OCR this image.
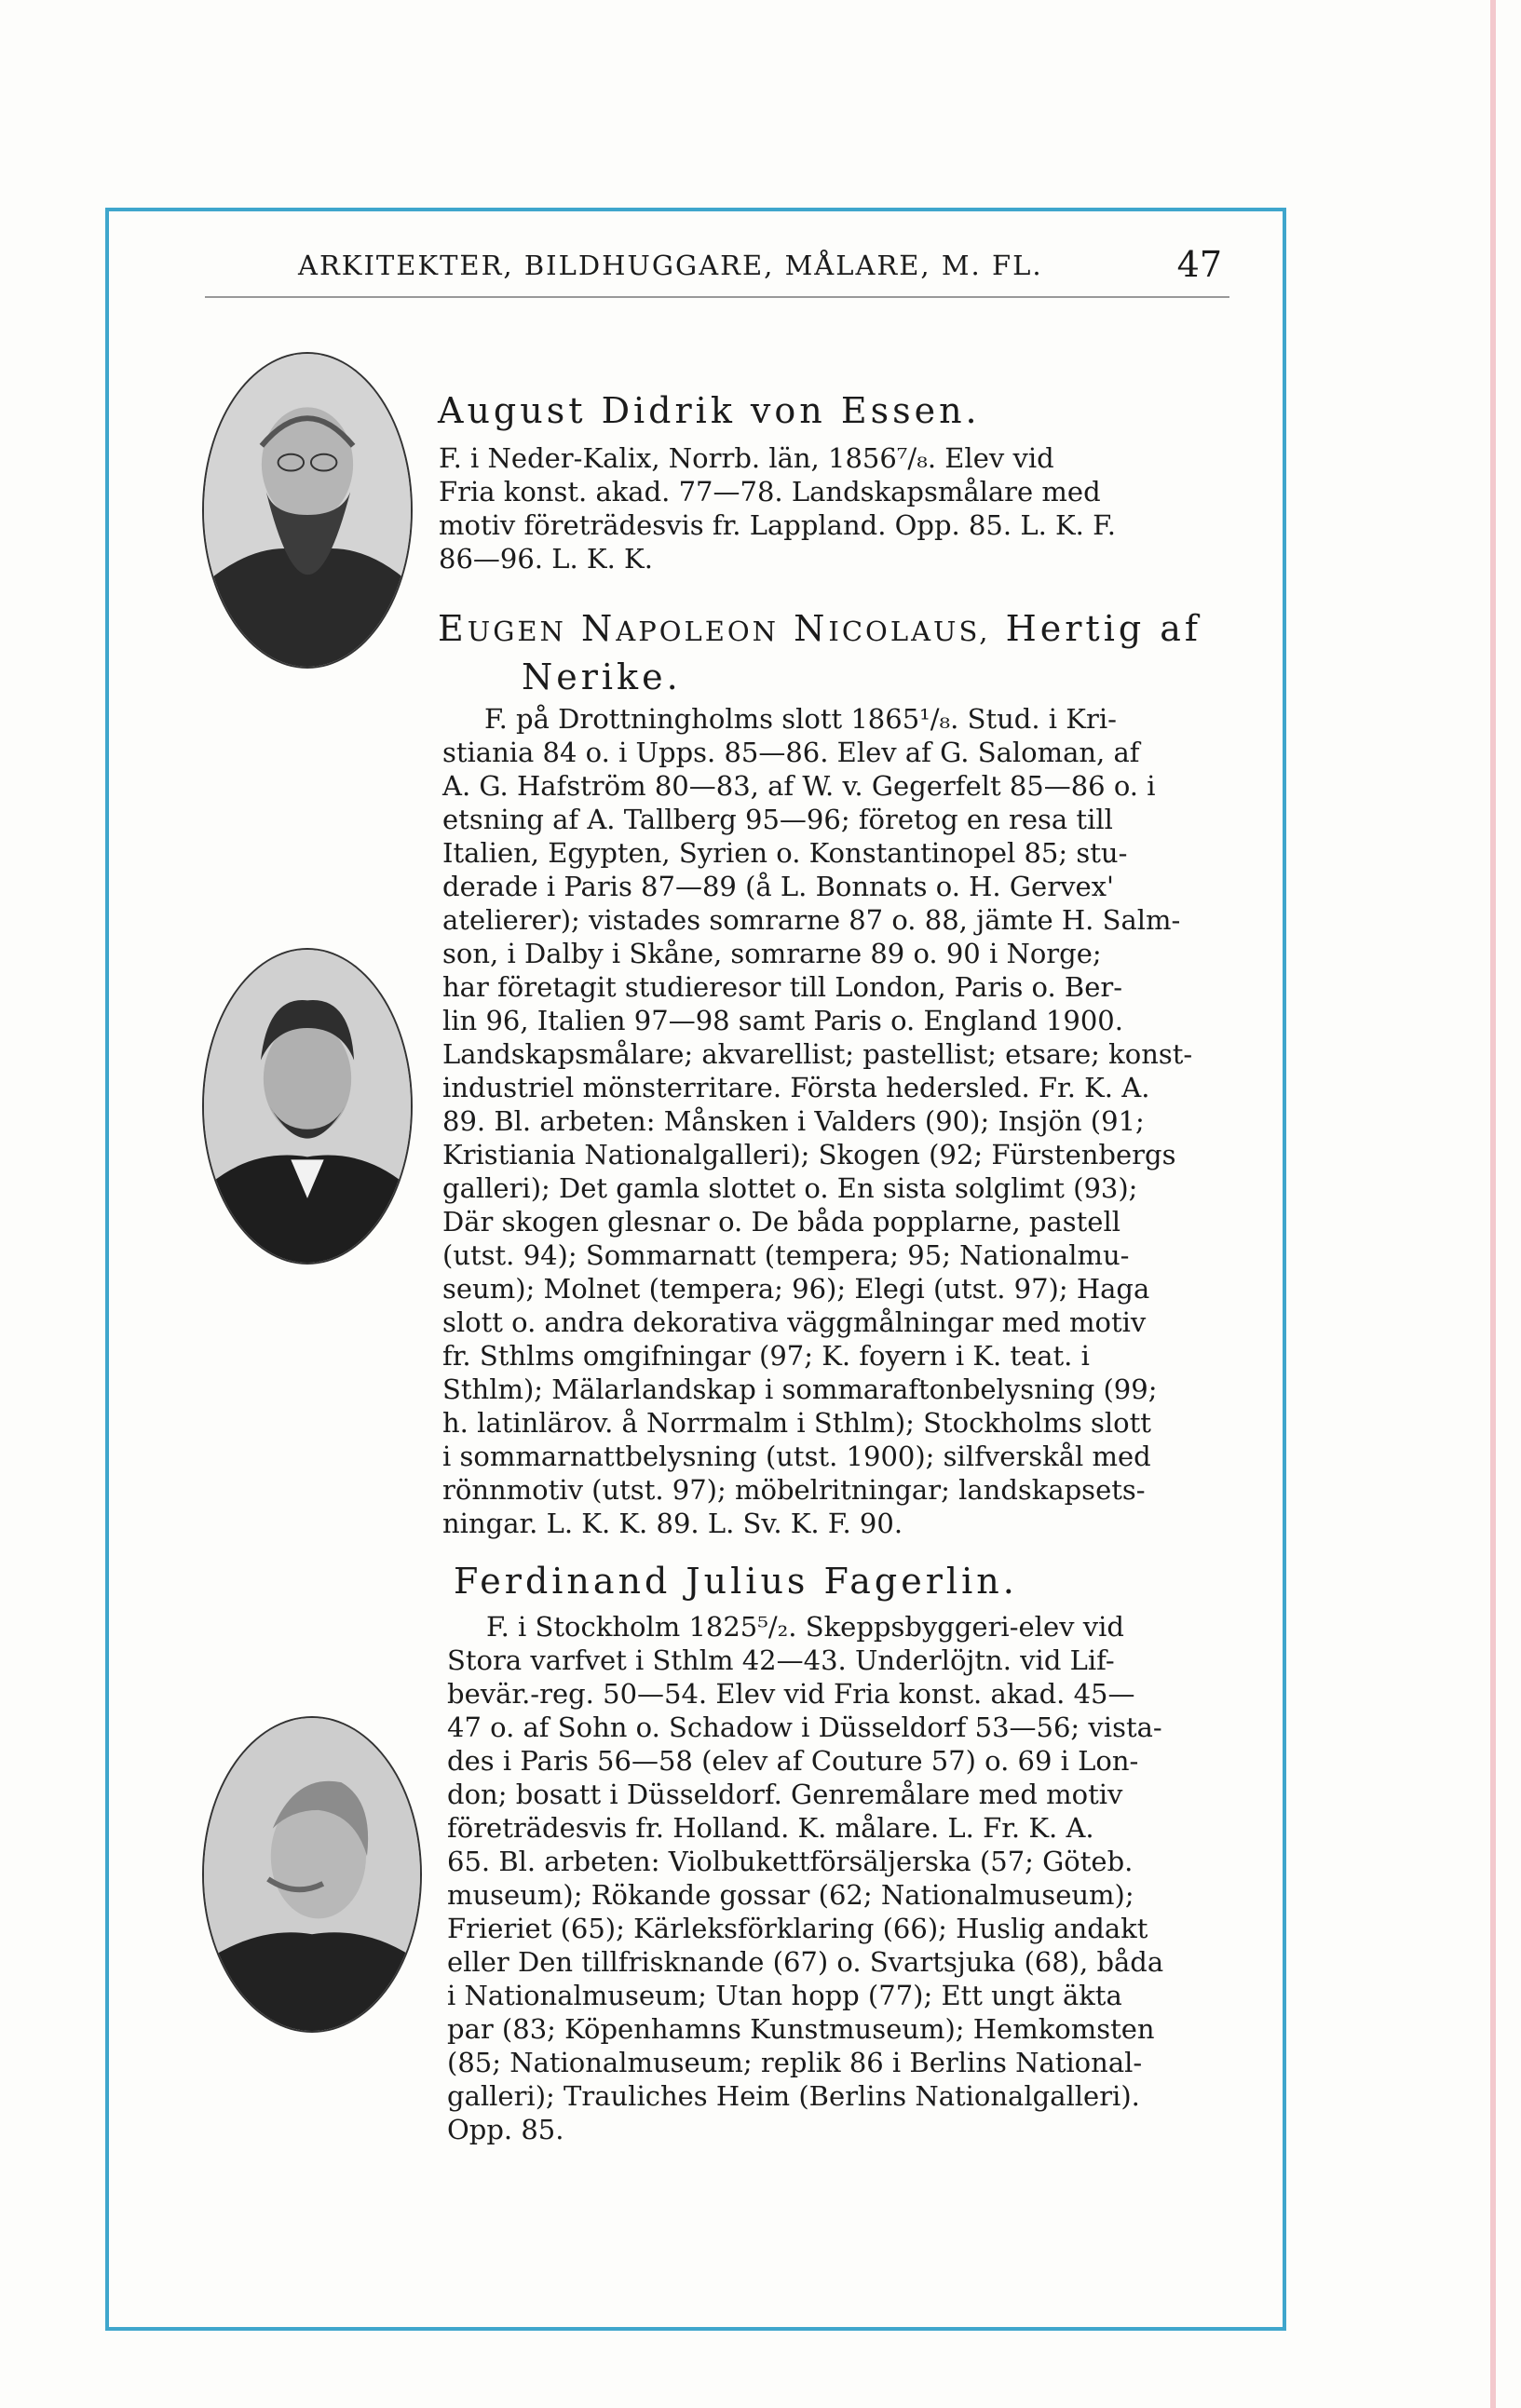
ARKITEKTER, BILDHUGGARE, MÅLARE, M. FL.	47
August Didrik von Essen.
F. i Neder-Kalix, Norrb. län, 1856⁷/₈. Elev vid
Fria konst. akad. 77—78. Landskapsmålare med
motiv företrädesvis fr. Lappland. Opp. 85. L. K. F.
86—96. L. K. K.
EUGEN NAPOLEON NICOLAUS, Hertig af
Nerike.
F. på Drottningholms slott 1865¹/₈. Stud. i Kri-
stiania 84 o. i Upps. 85—86. Elev af G. Saloman, af
A. G. Hafström 80—83, af W. v. Gegerfelt 85—86 o. i
etsning af A. Tallberg 95—96; företog en resa till
Italien, Egypten, Syrien o. Konstantinopel 85; stu-
derade i Paris 87—89 (å L. Bonnats o. H. Gervex'
atelierer); vistades somrarne 87 o. 88, jämte H. Salm-
son, i Dalby i Skåne, somrarne 89 o. 90 i Norge;
har företagit studieresor till London, Paris o. Ber-
lin 96, Italien 97—98 samt Paris o. England 1900.
Landskapsmålare; akvarellist; pastellist; etsare; konst-
industriel mönsterritare. Första hedersled. Fr. K. A.
89. Bl. arbeten: Månsken i Valders (90); Insjön (91;
Kristiania Nationalgalleri); Skogen (92; Fürstenbergs
galleri); Det gamla slottet o. En sista solglimt (93);
Där skogen glesnar o. De båda popplarne, pastell
(utst. 94); Sommarnatt (tempera; 95; Nationalmu-
seum); Molnet (tempera; 96); Elegi (utst. 97); Haga
slott o. andra dekorativa väggmålningar med motiv
fr. Sthlms omgifningar (97; K. foyern i K. teat. i
Sthlm); Mälarlandskap i sommaraftonbelysning (99;
h. latinlärov. å Norrmalm i Sthlm); Stockholms slott
i sommarnattbelysning (utst. 1900); silfverskål med
rönnmotiv (utst. 97); möbelritningar; landskapsets-
ningar. L. K. K. 89. L. Sv. K. F. 90.
Ferdinand Julius Fagerlin.
F. i Stockholm 1825⁵/₂. Skeppsbyggeri-elev vid
Stora varfvet i Sthlm 42—43. Underlöjtn. vid Lif-
bevär.-reg. 50—54. Elev vid Fria konst. akad. 45—
47 o. af Sohn o. Schadow i Düsseldorf 53—56; vista-
des i Paris 56—58 (elev af Couture 57) o. 69 i Lon-
don; bosatt i Düsseldorf. Genremålare med motiv
företrädesvis fr. Holland. K. målare. L. Fr. K. A.
65. Bl. arbeten: Violbukettförsäljerska (57; Göteb.
museum); Rökande gossar (62; Nationalmuseum);
Frieriet (65); Kärleksförklaring (66); Huslig andakt
eller Den tillfrisknande (67) o. Svartsjuka (68), båda
i Nationalmuseum; Utan hopp (77); Ett ungt äkta
par (83; Köpenhamns Kunstmuseum); Hemkomsten
(85; Nationalmuseum; replik 86 i Berlins National-
galleri); Trauliches Heim (Berlins Nationalgalleri).
Opp. 85.
